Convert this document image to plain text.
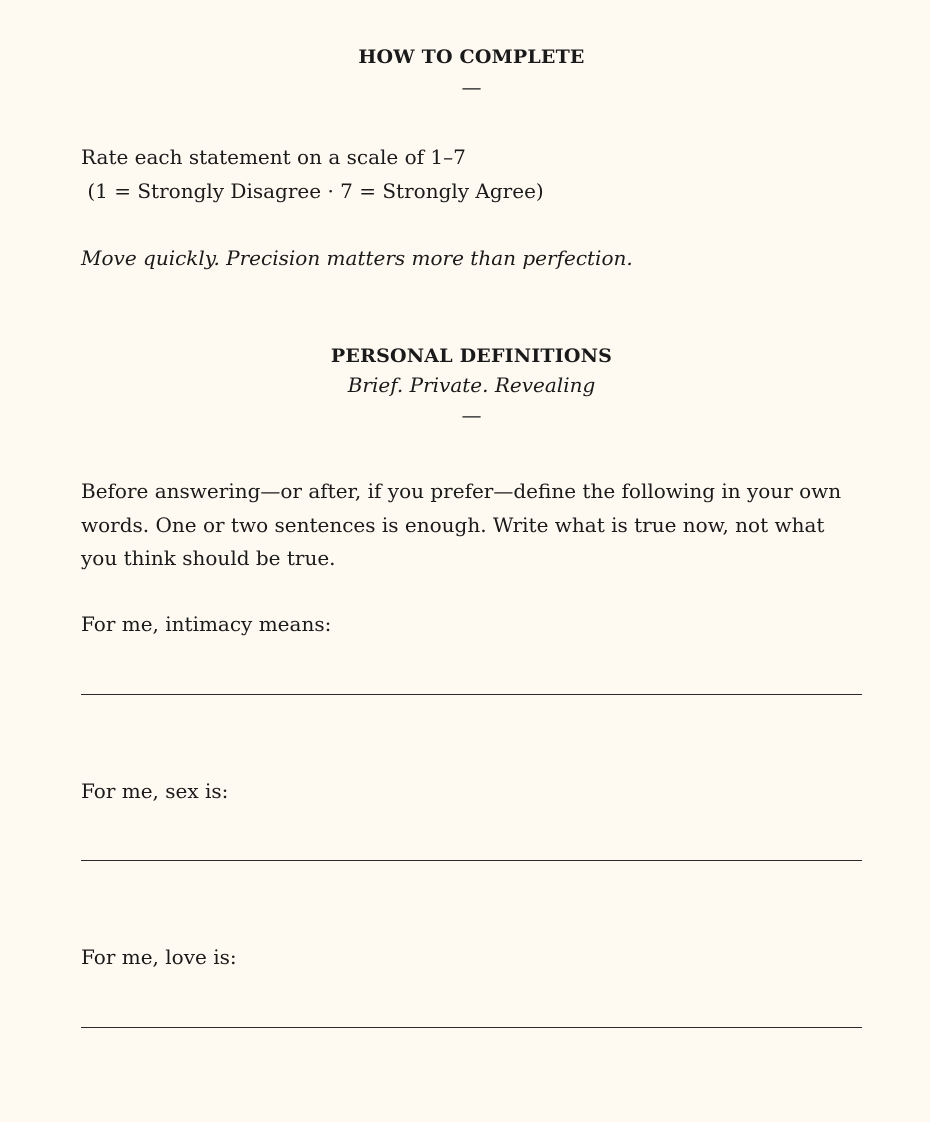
HOW TO COMPLETE
—

Rate each statement on a scale of 1–7

(1 = Strongly Disagree · 7 = Strongly Agree)

Move quickly. Precision matters more than perfection.

PERSONAL DEFINITIONS

Brief. Private. Revealing

—

Before answering—or after, if you prefer—define the following in your own words. One or two sentences is enough. Write what is true now, not what you think should be true.

For me, intimacy means:

For me, sex is:

For me, love is:
